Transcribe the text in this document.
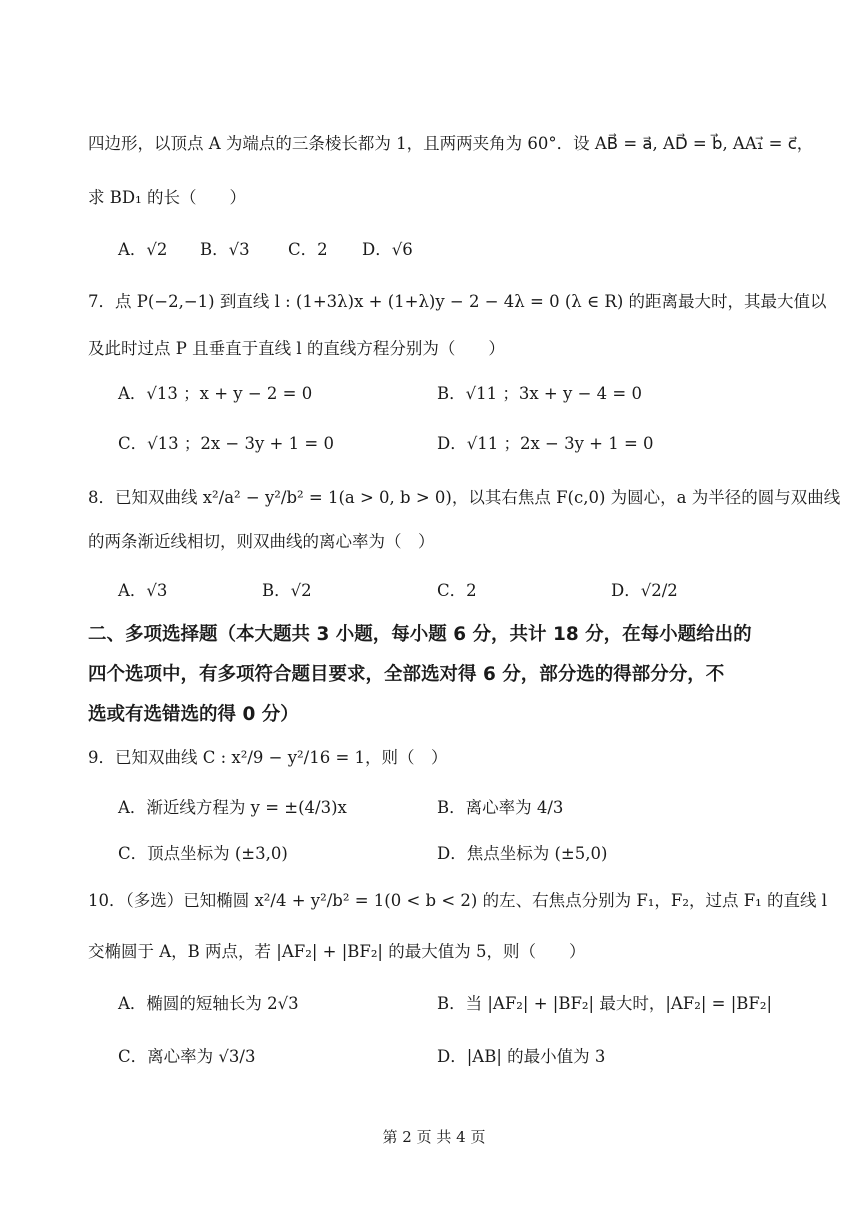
四边形，以顶点 A 为端点的三条棱长都为 1，且两两夹角为 60°．设 AB⃗ = a⃗, AD⃗ = b⃗, AA₁⃗ = c⃗，
求 BD₁ 的长（　　）
A．√2 B．√3 C．2 D．√6
7．点 P(−2,−1) 到直线 l : (1+3λ)x + (1+λ)y − 2 − 4λ = 0 (λ ∈ R) 的距离最大时，其最大值以
及此时过点 P 且垂直于直线 l 的直线方程分别为（　　）
A．√13 ；x + y − 2 = 0	B．√11 ；3x + y − 4 = 0
C．√13 ；2x − 3y + 1 = 0	D．√11 ；2x − 3y + 1 = 0
8．已知双曲线 x²/a² − y²/b² = 1(a > 0, b > 0)，以其右焦点 F(c,0) 为圆心，a 为半径的圆与双曲线
的两条渐近线相切，则双曲线的离心率为（　）
A．√3	B．√2	C．2	D．√2/2
二、多项选择题（本大题共 3 小题，每小题 6 分，共计 18 分，在每小题给出的
四个选项中，有多项符合题目要求，全部选对得 6 分，部分选的得部分分，不
选或有选错选的得 0 分）
9．已知双曲线 C : x²/9 − y²/16 = 1，则（　）
A．渐近线方程为 y = ±(4/3)x	B．离心率为 4/3
C．顶点坐标为 (±3,0)	D．焦点坐标为 (±5,0)
10．（多选）已知椭圆 x²/4 + y²/b² = 1(0 < b < 2) 的左、右焦点分别为 F₁，F₂，过点 F₁ 的直线 l
交椭圆于 A，B 两点，若 |AF₂| + |BF₂| 的最大值为 5，则（　　）
A．椭圆的短轴长为 2√3	B．当 |AF₂| + |BF₂| 最大时，|AF₂| = |BF₂|
C．离心率为 √3/3	D．|AB| 的最小值为 3
第 2 页 共 4 页
